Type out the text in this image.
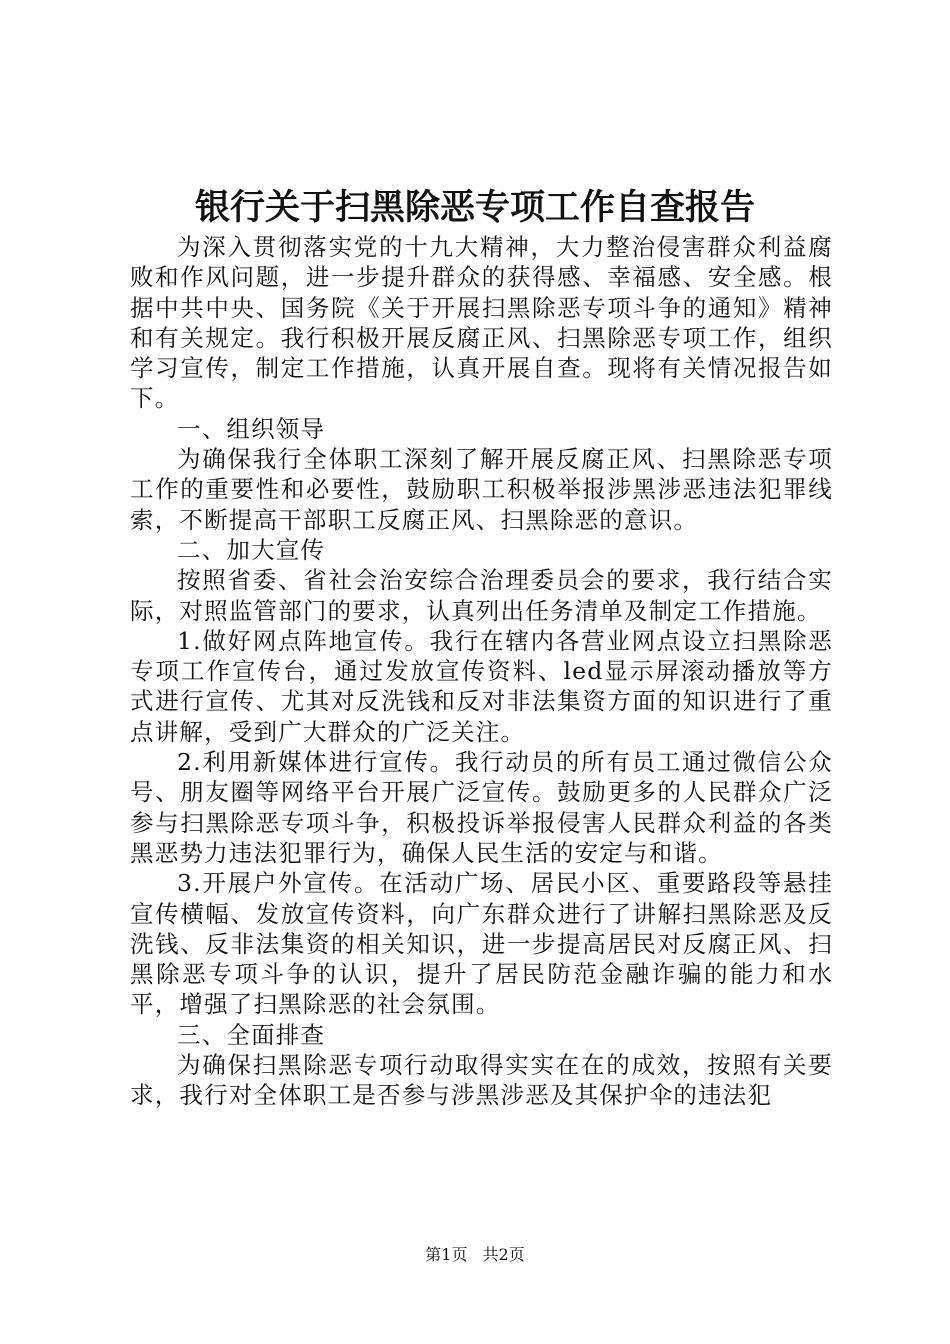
银行关于扫黑除恶专项工作自查报告

为深入贯彻落实党的十九大精神，大力整治侵害群众利益腐败和作风问题，进一步提升群众的获得感、幸福感、安全感。根据中共中央、国务院《关于开展扫黑除恶专项斗争的通知》精神和有关规定。我行积极开展反腐正风、扫黑除恶专项工作，组织学习宣传，制定工作措施，认真开展自查。现将有关情况报告如下。

一、组织领导

为确保我行全体职工深刻了解开展反腐正风、扫黑除恶专项工作的重要性和必要性，鼓励职工积极举报涉黑涉恶违法犯罪线索，不断提高干部职工反腐正风、扫黑除恶的意识。

二、加大宣传

按照省委、省社会治安综合治理委员会的要求，我行结合实际，对照监管部门的要求，认真列出任务清单及制定工作措施。

1.做好网点阵地宣传。我行在辖内各营业网点设立扫黑除恶专项工作宣传台，通过发放宣传资料、led显示屏滚动播放等方式进行宣传、尤其对反洗钱和反对非法集资方面的知识进行了重点讲解，受到广大群众的广泛关注。

2.利用新媒体进行宣传。我行动员的所有员工通过微信公众号、朋友圈等网络平台开展广泛宣传。鼓励更多的人民群众广泛参与扫黑除恶专项斗争，积极投诉举报侵害人民群众利益的各类黑恶势力违法犯罪行为，确保人民生活的安定与和谐。

3.开展户外宣传。在活动广场、居民小区、重要路段等悬挂宣传横幅、发放宣传资料，向广东群众进行了讲解扫黑除恶及反洗钱、反非法集资的相关知识，进一步提高居民对反腐正风、扫黑除恶专项斗争的认识，提升了居民防范金融诈骗的能力和水平，增强了扫黑除恶的社会氛围。

三、全面排查

为确保扫黑除恶专项行动取得实实在在的成效，按照有关要求，我行对全体职工是否参与涉黑涉恶及其保护伞的违法犯

第1页 共2页
